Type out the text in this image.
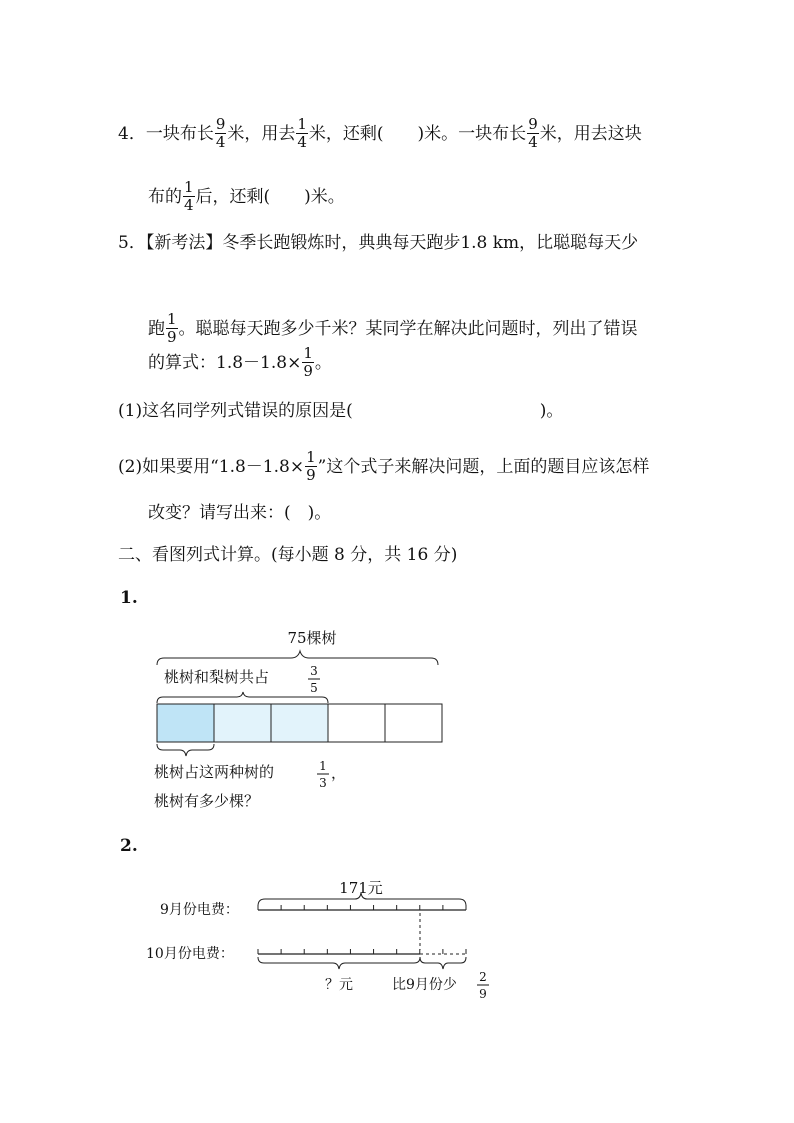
4．一块布长 $\frac{9}{4}$ 米，用去 $\frac{1}{4}$ 米，还剩(　　)米。一块布长 $\frac{9}{4}$ 米，用去这块
布的 $\frac{1}{4}$ 后，还剩(　　)米。
5．【新考法】冬季长跑锻炼时，典典每天跑步1.8 km，比聪聪每天少
跑 $\frac{1}{9}$ 。聪聪每天跑多少千米？某同学在解决此问题时，列出了错误
的算式：$1.8-1.8\times \frac{1}{9}$ 。
(1)这名同学列式错误的原因是(　　　　　　　　　　　)。
(2)如果要用“$1.8-1.8\times \frac{1}{9}$ ”这个式子来解决问题，上面的题目应该怎样
改变？请写出来：(　)。
二、看图列式计算。(每小题 8 分，共 16 分)
1.
2.
75棵树
桃树和梨树共占	3
5
桃树占这两种树的	1
3
，
桃树有多少棵？
171元
9月份电费：
10月份电费：
？元	比9月份少 2
9
